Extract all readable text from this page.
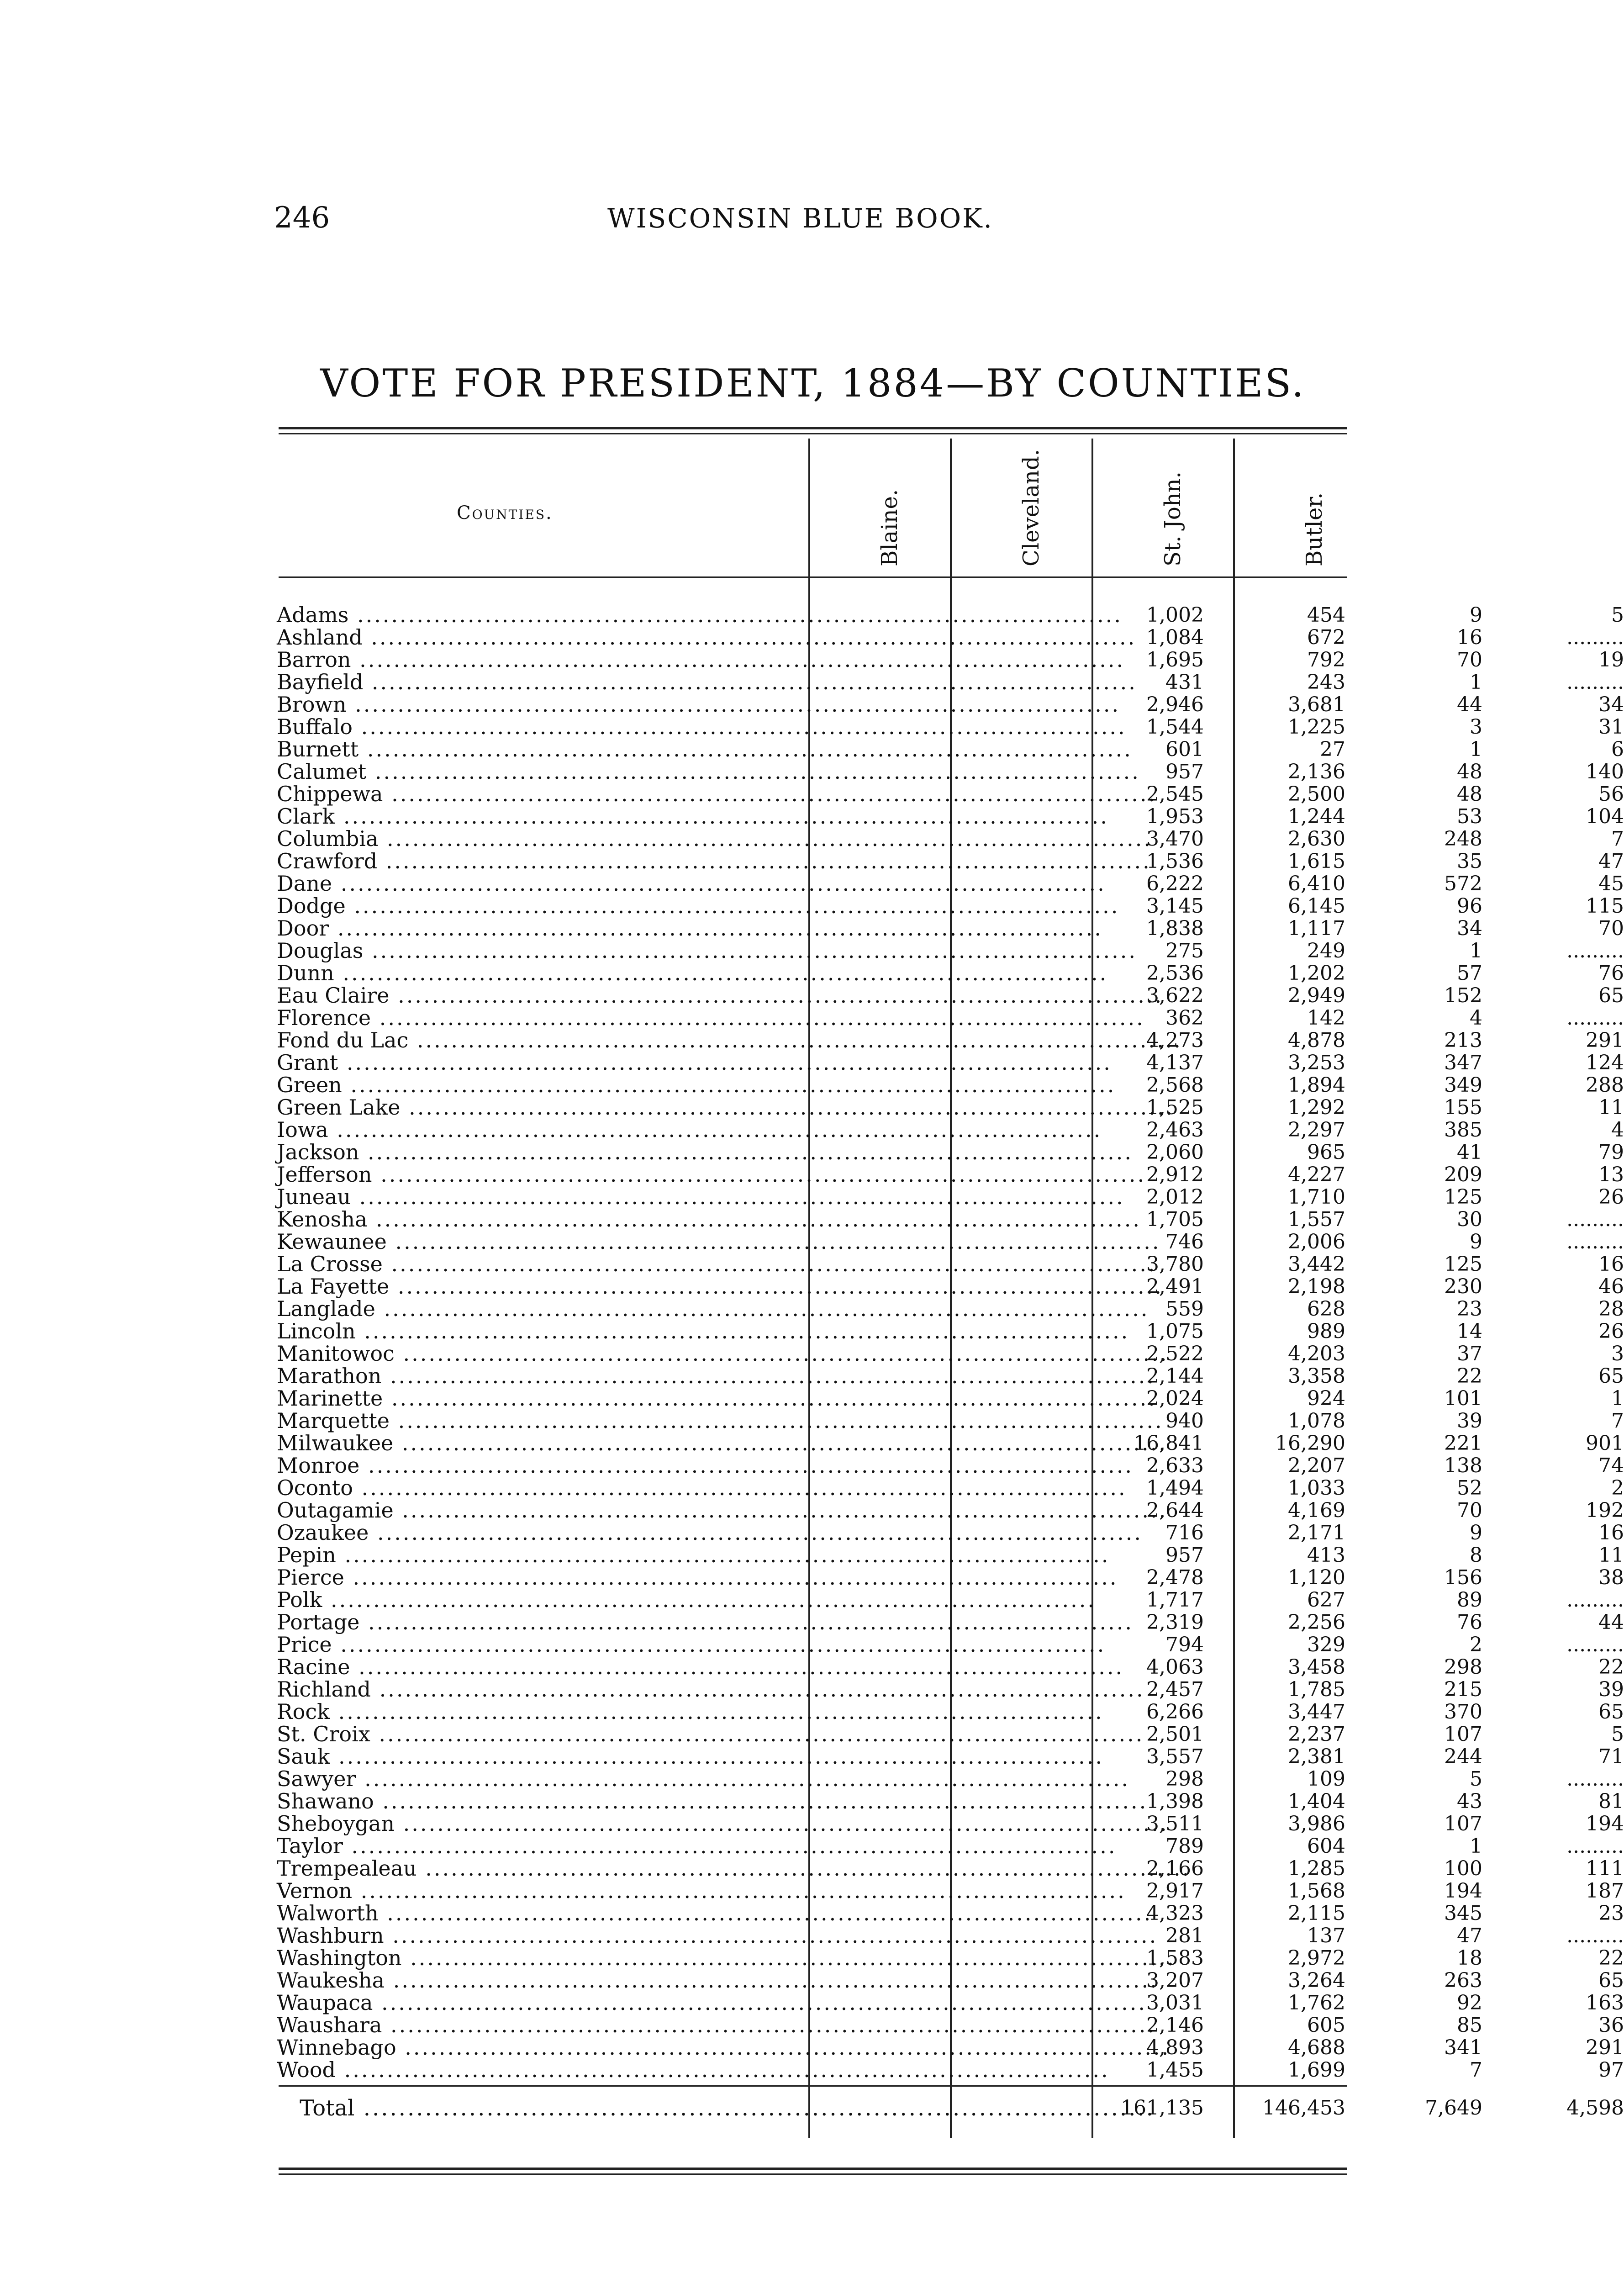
246	WISCONSIN BLUE BOOK.
VOTE FOR PRESIDENT, 1884—BY COUNTIES.
Counties.	Blaine.	Cleveland.	St. John.	Butler.
Adams .....	1,002	454	9	5
Ashland .....	1,084	672	16	.........
Barron .....	1,695	792	70	19
Bayfield .....	431	243	1	.........
Brown .....	2,946	3,681	44	34
Buffalo .....	1,544	1,225	3	31
Burnett .....	601	27	1	6
Calumet .....	957	2,136	48	140
Chippewa .....	2,545	2,500	48	56
Clark .....	1,953	1,244	53	104
Columbia .....	3,470	2,630	248	7
Crawford .....	1,536	1,615	35	47
Dane .....	6,222	6,410	572	45
Dodge .....	3,145	6,145	96	115
Door .....	1,838	1,117	34	70
Douglas .....	275	249	1	.........
Dunn .....	2,536	1,202	57	76
Eau Claire .....	3,622	2,949	152	65
Florence .....	362	142	4	.........
Fond du Lac .....	4,273	4,878	213	291
Grant .....	4,137	3,253	347	124
Green .....	2,568	1,894	349	288
Green Lake .....	1,525	1,292	155	11
Iowa .....	2,463	2,297	385	4
Jackson .....	2,060	965	41	79
Jefferson .....	2,912	4,227	209	13
Juneau .....	2,012	1,710	125	26
Kenosha .....	1,705	1,557	30	.........
Kewaunee .....	746	2,006	9	.........
La Crosse .....	3,780	3,442	125	16
La Fayette .....	2,491	2,198	230	46
Langlade .....	559	628	23	28
Lincoln .....	1,075	989	14	26
Manitowoc .....	2,522	4,203	37	3
Marathon .....	2,144	3,358	22	65
Marinette .....	2,024	924	101	1
Marquette .....	940	1,078	39	7
Milwaukee .....	16,841	16,290	221	901
Monroe .....	2,633	2,207	138	74
Oconto .....	1,494	1,033	52	2
Outagamie .....	2,644	4,169	70	192
Ozaukee .....	716	2,171	9	16
Pepin .....	957	413	8	11
Pierce .....	2,478	1,120	156	38
Polk .....	1,717	627	89	.........
Portage .....	2,319	2,256	76	44
Price .....	794	329	2	.........
Racine .....	4,063	3,458	298	22
Richland .....	2,457	1,785	215	39
Rock .....	6,266	3,447	370	65
St. Croix .....	2,501	2,237	107	5
Sauk .....	3,557	2,381	244	71
Sawyer .....	298	109	5	.........
Shawano .....	1,398	1,404	43	81
Sheboygan .....	3,511	3,986	107	194
Taylor .....	789	604	1	.........
Trempealeau .....	2,166	1,285	100	111
Vernon .....	2,917	1,568	194	187
Walworth .....	4,323	2,115	345	23
Washburn .....	281	137	47	.........
Washington .....	1,583	2,972	18	22
Waukesha .....	3,207	3,264	263	65
Waupaca .....	3,031	1,762	92	163
Waushara .....	2,146	605	85	36
Winnebago .....	4,893	4,688	341	291
Wood .....	1,455	1,699	7	97
Total .....	161,135	146,453	7,649	4,598
